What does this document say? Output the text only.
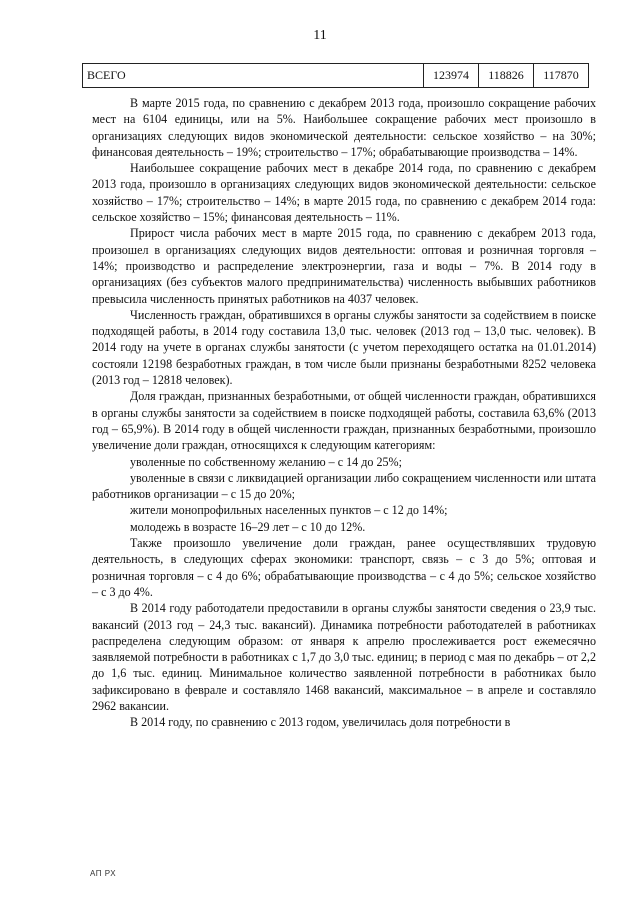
11
ВСЕГО	123974	118826	117870

В марте 2015 года, по сравнению с декабрем 2013 года, произошло сокращение рабочих мест на 6104 единицы, или на 5%. Наибольшее сокращение рабочих мест произошло в организациях следующих видов экономической деятельности: сельское хозяйство – на 30%; финансовая деятельность – 19%; строительство – 17%; обрабатывающие производства – 14%.

Наибольшее сокращение рабочих мест в декабре 2014 года, по сравнению с декабрем 2013 года, произошло в организациях следующих видов экономической деятельности: сельское хозяйство – 17%; строительство – 14%; в марте 2015 года, по сравнению с декабрем 2014 года: сельское хозяйство – 15%; финансовая деятельность – 11%.

Прирост числа рабочих мест в марте 2015 года, по сравнению с декабрем 2013 года, произошел в организациях следующих видов деятельности: оптовая и розничная торговля – 14%; производство и распределение электроэнергии, газа и воды – 7%. В 2014 году в организациях (без субъектов малого предпринимательства) численность выбывших работников превысила численность принятых работников на 4037 человек.

Численность граждан, обратившихся в органы службы занятости за содействием в поиске подходящей работы, в 2014 году составила 13,0 тыс. человек (2013 год – 13,0 тыс. человек). В 2014 году на учете в органах службы занятости (с учетом переходящего остатка на 01.01.2014) состояли 12198 безработных граждан, в том числе были признаны безработными 8252 человека (2013 год – 12818 человек).

Доля граждан, признанных безработными, от общей численности граждан, обратившихся в органы службы занятости за содействием в поиске подходящей работы, составила 63,6% (2013 год – 65,9%). В 2014 году в общей численности граждан, признанных безработными, произошло увеличение доли граждан, относящихся к следующим категориям:

уволенные по собственному желанию – с 14 до 25%;

уволенные в связи с ликвидацией организации либо сокращением численности или штата работников организации – с 15 до 20%;

жители монопрофильных населенных пунктов – с 12 до 14%;

молодежь в возрасте 16–29 лет – с 10 до 12%.

Также произошло увеличение доли граждан, ранее осуществлявших трудовую деятельность, в следующих сферах экономики: транспорт, связь – с 3 до 5%; оптовая и розничная торговля – с 4 до 6%; обрабатывающие производства – с 4 до 5%; сельское хозяйство – с 3 до 4%.

В 2014 году работодатели предоставили в органы службы занятости сведения о 23,9 тыс. вакансий (2013 год – 24,3 тыс. вакансий). Динамика потребности работодателей в работниках распределена следующим образом: от января к апрелю прослеживается рост ежемесячно заявляемой потребности в работниках с 1,7 до 3,0 тыс. единиц; в период с мая по декабрь – от 2,2 до 1,6 тыс. единиц. Минимальное количество заявленной потребности в работниках было зафиксировано в феврале и составляло 1468 вакансий, максимальное – в апреле и составляло 2962 вакансии.

В 2014 году, по сравнению с 2013 годом, увеличилась доля потребности в

АП РХ
